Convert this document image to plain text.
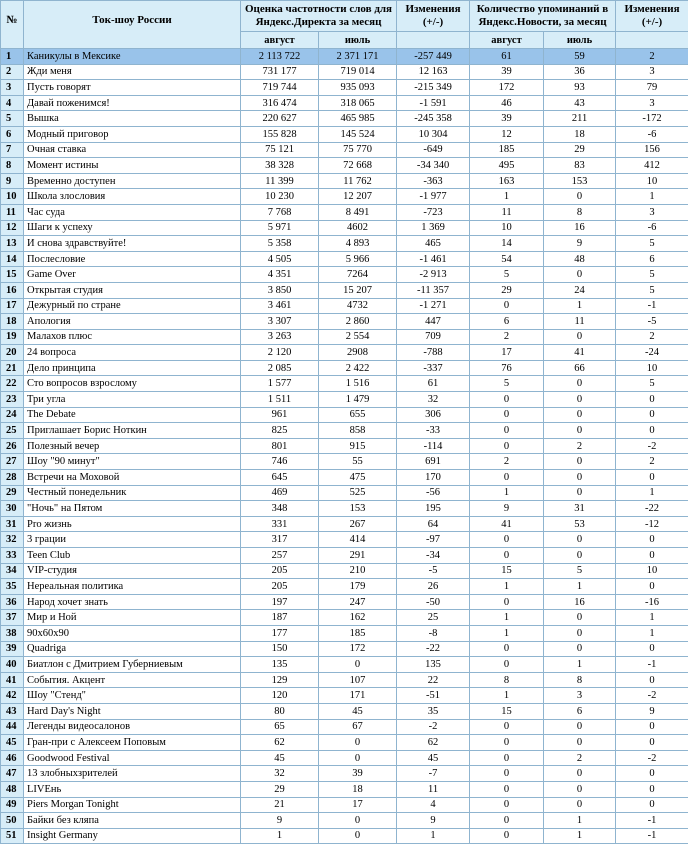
№	Ток-шоу России	Оценка частотности слов для Яндекс.Директа за месяц		Изменения (+/-)	Количество упоминаний в Яндекс.Новости, за месяц		Изменения (+/-)
		август	июль		август	июль	
1	Каникулы в Мексике	2 113 722	2 371 171	-257 449	61	59	2
2	Жди меня	731 177	719 014	12 163	39	36	3
3	Пусть говорят	719 744	935 093	-215 349	172	93	79
4	Давай поженимся!	316 474	318 065	-1 591	46	43	3
5	Вышка	220 627	465 985	-245 358	39	211	-172
6	Модный приговор	155 828	145 524	10 304	12	18	-6
7	Очная ставка	75 121	75 770	-649	185	29	156
8	Момент истины	38 328	72 668	-34 340	495	83	412
9	Временно доступен	11 399	11 762	-363	163	153	10
10	Школа злословия	10 230	12 207	-1 977	1	0	1
11	Час суда	7 768	8 491	-723	11	8	3
12	Шаги к успеху	5 971	4602	1 369	10	16	-6
13	И снова здравствуйте!	5 358	4 893	465	14	9	5
14	Послесловие	4 505	5 966	-1 461	54	48	6
15	Game Over	4 351	7264	-2 913	5	0	5
16	Открытая студия	3 850	15 207	-11 357	29	24	5
17	Дежурный по стране	3 461	4732	-1 271	0	1	-1
18	Апология	3 307	2 860	447	6	11	-5
19	Малахов плюс	3 263	2 554	709	2	0	2
20	24 вопроса	2 120	2908	-788	17	41	-24
21	Дело принципа	2 085	2 422	-337	76	66	10
22	Сто вопросов взрослому	1 577	1 516	61	5	0	5
23	Три угла	1 511	1 479	32	0	0	0
24	The Debate	961	655	306	0	0	0
25	Приглашает Борис Ноткин	825	858	-33	0	0	0
26	Полезный вечер	801	915	-114	0	2	-2
27	Шоу "90 минут"	746	55	691	2	0	2
28	Встречи на Моховой	645	475	170	0	0	0
29	Честный понедельник	469	525	-56	1	0	1
30	"Ночь" на Пятом	348	153	195	9	31	-22
31	Pro жизнь	331	267	64	41	53	-12
32	3 грации	317	414	-97	0	0	0
33	Teen Club	257	291	-34	0	0	0
34	VIP-студия	205	210	-5	15	5	10
35	Нереальная политика	205	179	26	1	1	0
36	Народ хочет знать	197	247	-50	0	16	-16
37	Мир и Ной	187	162	25	1	0	1
38	90х60х90	177	185	-8	1	0	1
39	Quadriga	150	172	-22	0	0	0
40	Биатлон с Дмитрием Губерниевым	135	0	135	0	1	-1
41	События. Акцент	129	107	22	8	8	0
42	Шоу "Стенд"	120	171	-51	1	3	-2
43	Hard Day's Night	80	45	35	15	6	9
44	Легенды видеосалонов	65	67	-2	0	0	0
45	Гран-при с Алексеем Поповым	62	0	62	0	0	0
46	Goodwood Festival	45	0	45	0	2	-2
47	13 злобныхзрителей	32	39	-7	0	0	0
48	LIVEнь	29	18	11	0	0	0
49	Piers Morgan Tonight	21	17	4	0	0	0
50	Байки без кляпа	9	0	9	0	1	-1
51	Insight Germany	1	0	1	0	1	-1
